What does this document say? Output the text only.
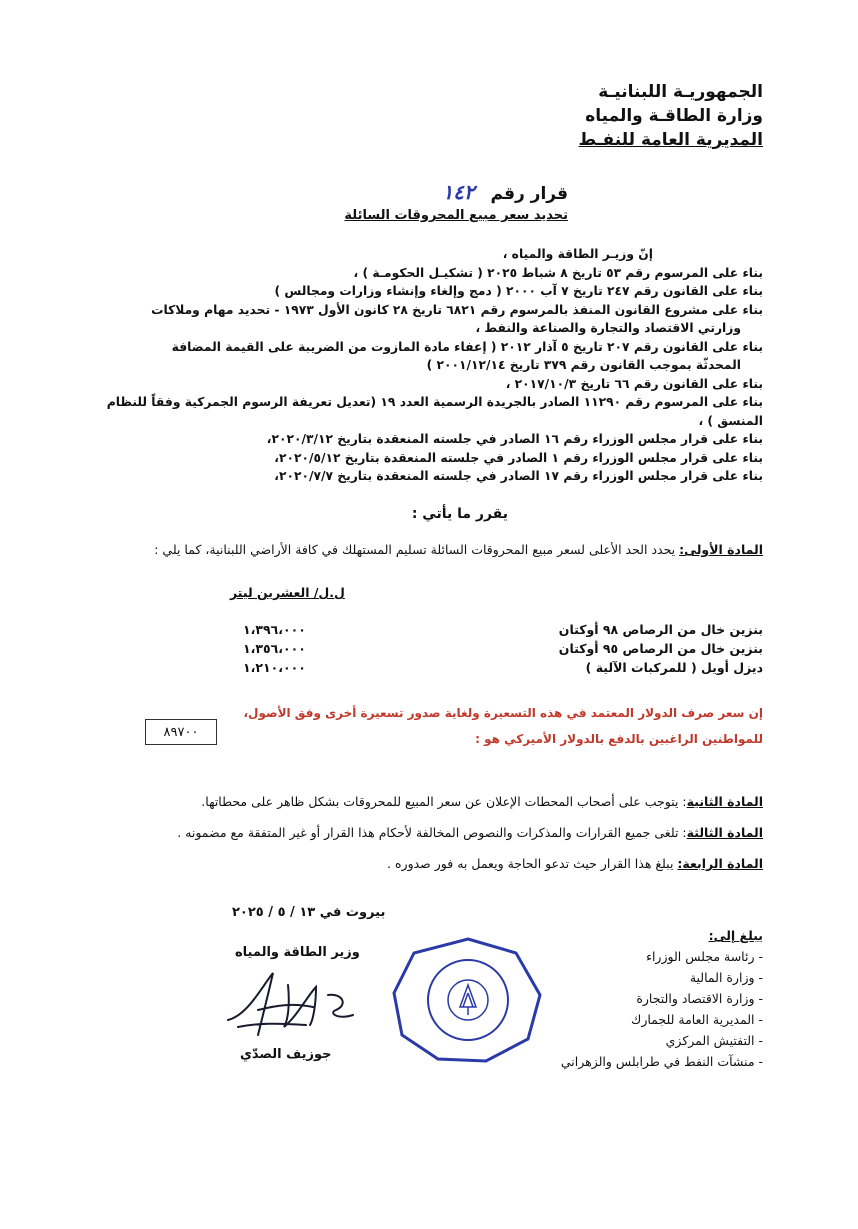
الجمهوريـة اللبنانيـة
وزارة الطاقـة والمياه
المديرية العامة للنفـط
قرار رقم ١٤٢
تحديد سعر مبيع المحروقات السائلة
إنّ وزيـر الطاقة والمياه ،
بناء على المرسوم رقم ٥٣ تاريخ ٨ شباط ٢٠٢٥ ( تشكيـل الحكومـة ) ،
بناء على القانون رقم ٢٤٧ تاريخ ٧ آب ٢٠٠٠ ( دمج وإلغاء وإنشاء وزارات ومجالس )
بناء على مشروع القانون المنفذ بالمرسوم رقم ٦٨٢١ تاريخ ٢٨ كانون الأول ١٩٧٣ - تحديد مهام وملاكات
وزارتي الاقتصاد والتجارة والصناعة والنفط ،
بناء على القانون رقم ٢٠٧ تاريخ ٥ آذار ٢٠١٢ ( إعفاء مادة المازوت من الضريبة على القيمة المضافة
المحدثّة بموجب القانون رقم ٣٧٩ تاريخ ٢٠٠١/١٢/١٤ )
بناء على القانون رقم ٦٦ تاريخ ٢٠١٧/١٠/٣ ،
بناء على المرسوم رقم ١١٢٩٠ الصادر بالجريدة الرسمية العدد ١٩ (تعديل تعريفة الرسوم الجمركية وفقاً للنظام المنسق ) ،
بناء على قرار مجلس الوزراء رقم ١٦ الصادر في جلسته المنعقدة بتاريخ ٢٠٢٠/٣/١٢،
بناء على قرار مجلس الوزراء رقم ١ الصادر في جلسته المنعقدة بتاريخ ٢٠٢٠/٥/١٢،
بناء على قرار مجلس الوزراء رقم ١٧ الصادر في جلسته المنعقدة بتاريخ ٢٠٢٠/٧/٧،
يقرر ما يأتي :
المادة الأولى: يحدد الحد الأعلى لسعر مبيع المحروقات السائلة تسليم المستهلك في كافة الأراضي اللبنانية، كما يلي :
ل.ل/ العشرين ليتر
بنزين خال من الرصاص ٩٨ أوكتان
١،٣٩٦،٠٠٠
بنزين خال من الرصاص ٩٥ أوكتان
١،٣٥٦،٠٠٠
ديزل أويل ( للمركبات الآلية )
١،٢١٠،٠٠٠
إن سعر صرف الدولار المعتمد في هذه التسعيرة ولغاية صدور تسعيرة أخرى وفق الأصول،
للمواطنين الراغبين بالدفع بالدولار الأميركي هو :
٨٩٧٠٠
المادة الثانية: يتوجب على أصحاب المحطات الإعلان عن سعر المبيع للمحروقات بشكل ظاهر على محطاتها.
المادة الثالثة: تلغى جميع القرارات والمذكرات والنصوص المخالفة لأحكام هذا القرار أو غير المتفقة مع مضمونه .
المادة الرابعة: يبلغ هذا القرار حيث تدعو الحاجة ويعمل به فور صدوره .
بيروت في ١٣ / ٥ / ٢٠٢٥
وزير الطاقة والمياه
جوزيف الصدّي
يبلغ إلى:
- رئاسة مجلس الوزراء
- وزارة المالية
- وزارة الاقتصاد والتجارة
- المديرية العامة للجمارك
- التفتيش المركزي
- منشآت النفط في طرابلس والزهراني
